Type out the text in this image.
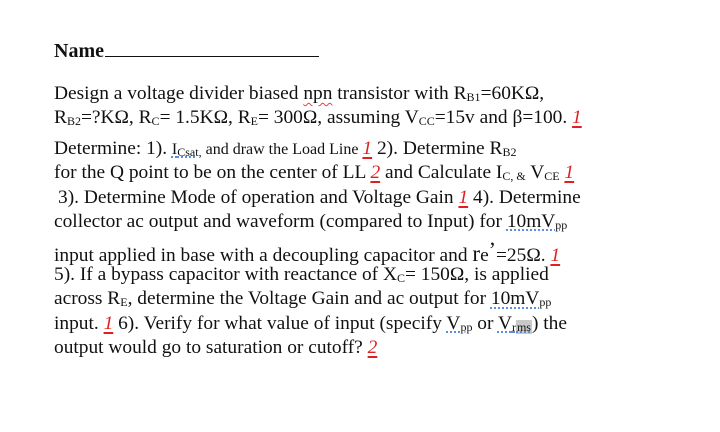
Name
Design a voltage divider biased npn transistor with RB1=60KΩ,
RB2=?KΩ, RC= 1.5KΩ, RE= 300Ω, assuming VCC=15v and β=100. 1
Determine: 1). ICsat, and draw the Load Line 1 2). Determine RB2
for the Q point to be on the center of LL 2 and Calculate IC, & VCE 1
3). Determine Mode of operation and Voltage Gain 1 4). Determine
collector ac output and waveform (compared to Input) for 10mVpp
input applied in base with a decoupling capacitor and re’=25Ω. 1
5). If a bypass capacitor with reactance of XC= 150Ω, is applied
across RE, determine the Voltage Gain and ac output for 10mVpp
input. 1 6). Verify for what value of input (specify Vpp or Vrms) the
output would go to saturation or cutoff? 2
